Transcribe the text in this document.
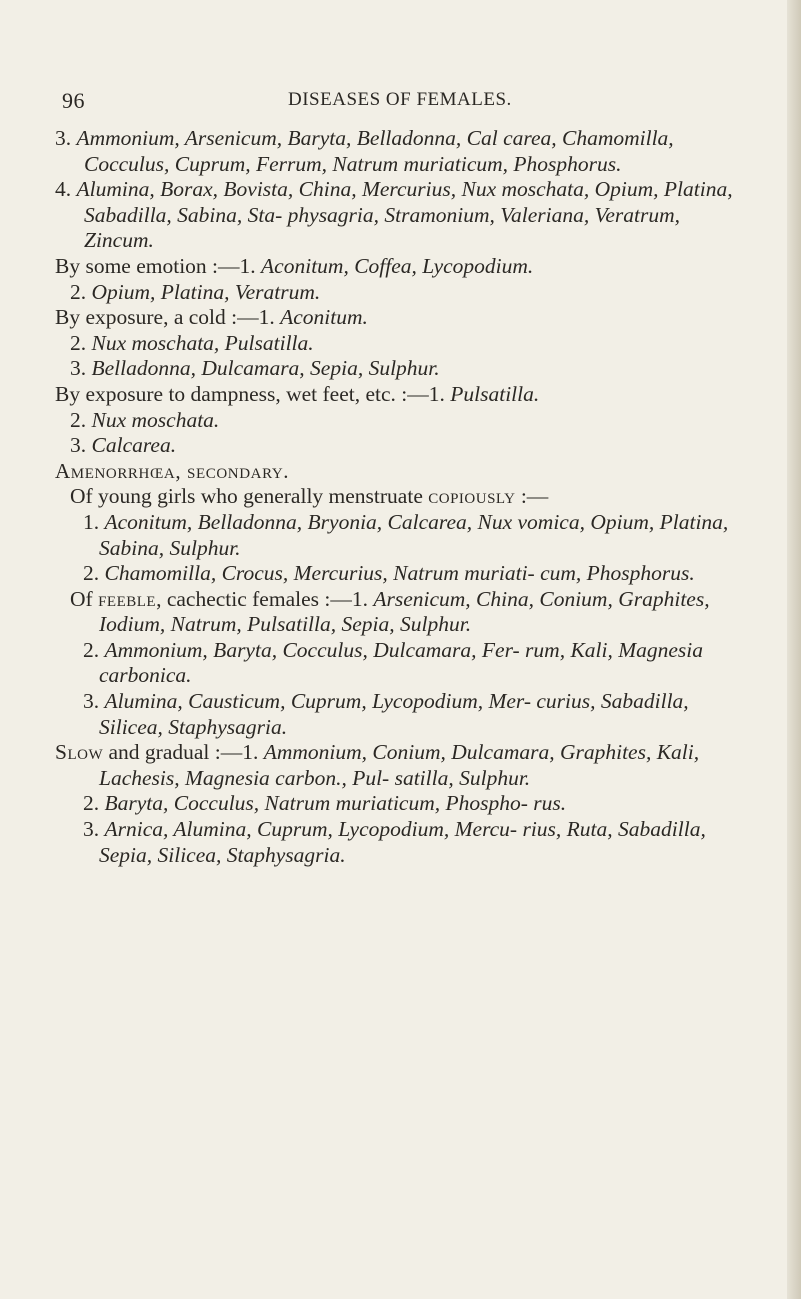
96	DISEASES OF FEMALES.

3. Ammonium, Arsenicum, Baryta, Belladonna, Cal carea, Chamomilla, Cocculus, Cuprum, Ferrum, Natrum muriaticum, Phosphorus.

4. Alumina, Borax, Bovista, China, Mercurius, Nux moschata, Opium, Platina, Sabadilla, Sabina, Sta- physagria, Stramonium, Valeriana, Veratrum, Zincum.

By some emotion :—1. Aconitum, Coffea, Lycopodium.

2. Opium, Platina, Veratrum.

By exposure, a cold :—1. Aconitum.

2. Nux moschata, Pulsatilla.

3. Belladonna, Dulcamara, Sepia, Sulphur.

By exposure to dampness, wet feet, etc. :—1. Pulsatilla.

2. Nux moschata.

3. Calcarea.

Amenorrhœa, secondary.

Of young girls who generally menstruate copiously :—

1. Aconitum, Belladonna, Bryonia, Calcarea, Nux vomica, Opium, Platina, Sabina, Sulphur.

2. Chamomilla, Crocus, Mercurius, Natrum muriati- cum, Phosphorus.

Of feeble, cachectic females :—1. Arsenicum, China, Conium, Graphites, Iodium, Natrum, Pulsatilla, Sepia, Sulphur.

2. Ammonium, Baryta, Cocculus, Dulcamara, Fer- rum, Kali, Magnesia carbonica.

3. Alumina, Causticum, Cuprum, Lycopodium, Mer- curius, Sabadilla, Silicea, Staphysagria.

Slow and gradual :—1. Ammonium, Conium, Dulcamara, Graphites, Kali, Lachesis, Magnesia carbon., Pul- satilla, Sulphur.

2. Baryta, Cocculus, Natrum muriaticum, Phospho- rus.

3. Arnica, Alumina, Cuprum, Lycopodium, Mercu- rius, Ruta, Sabadilla, Sepia, Silicea, Staphysagria.
